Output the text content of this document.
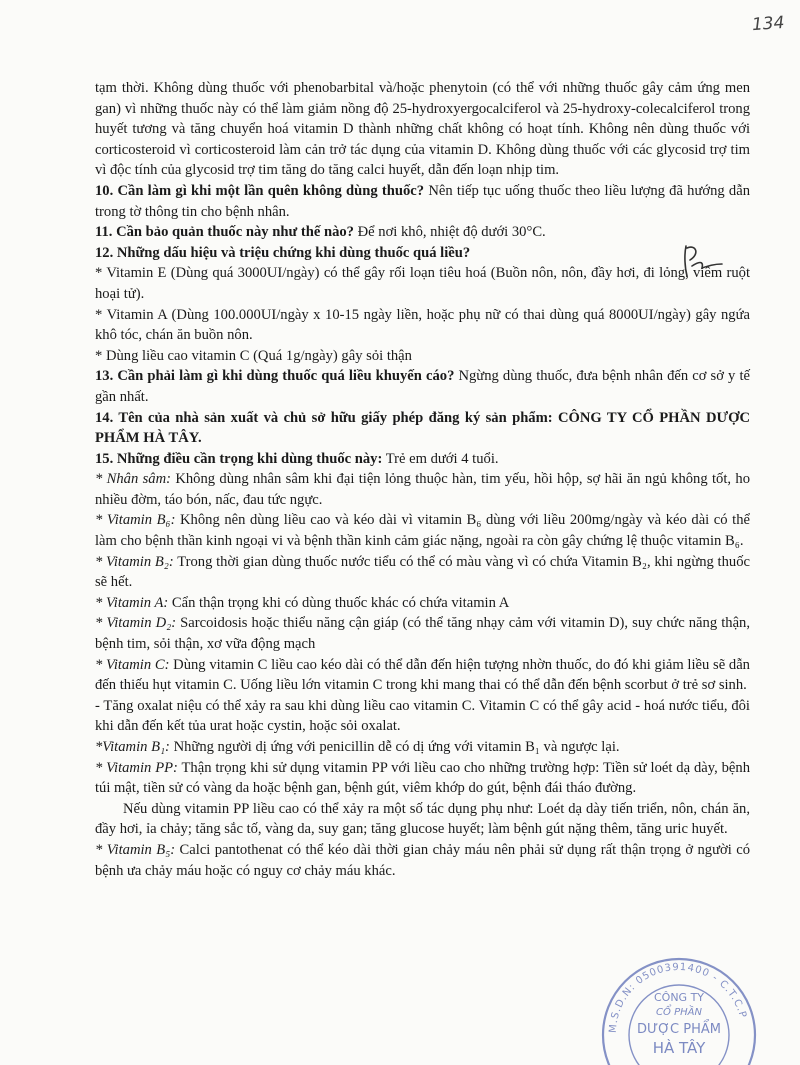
134

tạm thời. Không dùng thuốc với phenobarbital và/hoặc phenytoin (có thể với những thuốc gây cảm ứng men gan) vì những thuốc này có thể làm giảm nồng độ 25-hydroxyergocalciferol và 25-hydroxy-colecalciferol trong huyết tương và tăng chuyển hoá vitamin D thành những chất không có hoạt tính. Không nên dùng thuốc với corticosteroid vì corticosteroid làm cản trở tác dụng của vitamin D. Không dùng thuốc với các glycosid trợ tim vì độc tính của glycosid trợ tim tăng do tăng calci huyết, dẫn đến loạn nhịp tim.

10. Cần làm gì khi một lần quên không dùng thuốc? Nên tiếp tục uống thuốc theo liều lượng đã hướng dẫn trong tờ thông tin cho bệnh nhân.

11. Cần bảo quản thuốc này như thế nào? Để nơi khô, nhiệt độ dưới 30°C.

12. Những dấu hiệu và triệu chứng khi dùng thuốc quá liều?

* Vitamin E (Dùng quá 3000UI/ngày) có thể gây rối loạn tiêu hoá (Buồn nôn, nôn, đầy hơi, đi lỏng, viêm ruột hoại tử).

* Vitamin A (Dùng 100.000UI/ngày x 10-15 ngày liền, hoặc phụ nữ có thai dùng quá 8000UI/ngày) gây ngứa khô tóc, chán ăn buồn nôn.

* Dùng liều cao vitamin C (Quá 1g/ngày) gây sỏi thận

13. Cần phải làm gì khi dùng thuốc quá liều khuyến cáo? Ngừng dùng thuốc, đưa bệnh nhân đến cơ sở y tế gần nhất.

14. Tên của nhà sản xuất và chủ sở hữu giấy phép đăng ký sản phẩm: CÔNG TY CỔ PHẦN DƯỢC PHẨM HÀ TÂY.

15. Những điều cần trọng khi dùng thuốc này: Trẻ em dưới 4 tuổi.

* Nhân sâm: Không dùng nhân sâm khi đại tiện lỏng thuộc hàn, tim yếu, hồi hộp, sợ hãi ăn ngủ không tốt, ho nhiều đờm, táo bón, nấc, đau tức ngực.

* Vitamin B₆: Không nên dùng liều cao và kéo dài vì vitamin B₆ dùng với liều 200mg/ngày và kéo dài có thể làm cho bệnh thần kinh ngoại vi và bệnh thần kinh cảm giác nặng, ngoài ra còn gây chứng lệ thuộc vitamin B₆.

* Vitamin B₂: Trong thời gian dùng thuốc nước tiểu có thể có màu vàng vì có chứa Vitamin B₂, khi ngừng thuốc sẽ hết.

* Vitamin A: Cẩn thận trọng khi có dùng thuốc khác có chứa vitamin A

* Vitamin D₂: Sarcoidosis hoặc thiểu năng cận giáp (có thể tăng nhạy cảm với vitamin D), suy chức năng thận, bệnh tim, sỏi thận, xơ vữa động mạch

* Vitamin C: Dùng vitamin C liều cao kéo dài có thể dẫn đến hiện tượng nhờn thuốc, do đó khi giảm liều sẽ dẫn đến thiếu hụt vitamin C. Uống liều lớn vitamin C trong khi mang thai có thể dẫn đến bệnh scorbut ở trẻ sơ sinh.

- Tăng oxalat niệu có thể xảy ra sau khi dùng liều cao vitamin C. Vitamin C có thể gây acid - hoá nước tiểu, đôi khi dẫn đến kết tủa urat hoặc cystin, hoặc sỏi oxalat.

*Vitamin B₁: Những người dị ứng với penicillin dễ có dị ứng với vitamin B₁ và ngược lại.

* Vitamin PP: Thận trọng khi sử dụng vitamin PP với liều cao cho những trường hợp: Tiền sử loét dạ dày, bệnh túi mật, tiền sử có vàng da hoặc bệnh gan, bệnh gút, viêm khớp do gút, bệnh đái tháo đường.

Nếu dùng vitamin PP liều cao có thể xảy ra một số tác dụng phụ như: Loét dạ dày tiến triển, nôn, chán ăn, đầy hơi, ỉa chảy; tăng sắc tố, vàng da, suy gan; tăng glucose huyết; làm bệnh gút nặng thêm, tăng uric huyết.

* Vitamin B₅: Calci pantothenat có thể kéo dài thời gian chảy máu nên phải sử dụng rất thận trọng ở người có bệnh ưa chảy máu hoặc có nguy cơ chảy máu khác.

M.S.D.N: 0500391400 - C.T.C.P
CÔNG TY
CỔ PHẦN
DƯỢC PHẨM
HÀ TÂY
